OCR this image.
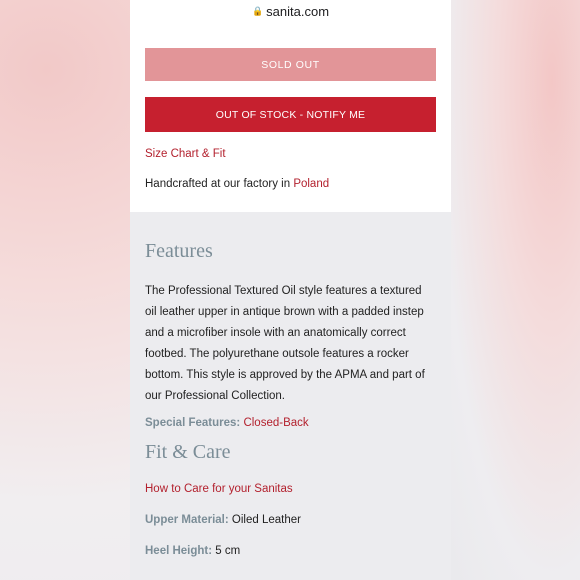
🔒 sanita.com
SOLD OUT
OUT OF STOCK - NOTIFY ME
Size Chart & Fit
Handcrafted at our factory in Poland
Features

The Professional Textured Oil style features a textured oil leather upper in antique brown with a padded instep and a microfiber insole with an anatomically correct footbed. The polyurethane outsole features a rocker bottom. This style is approved by the APMA and part of our Professional Collection.

Special Features: Closed-Back
Fit & Care
How to Care for your Sanitas
Upper Material: Oiled Leather
Heel Height: 5 cm
